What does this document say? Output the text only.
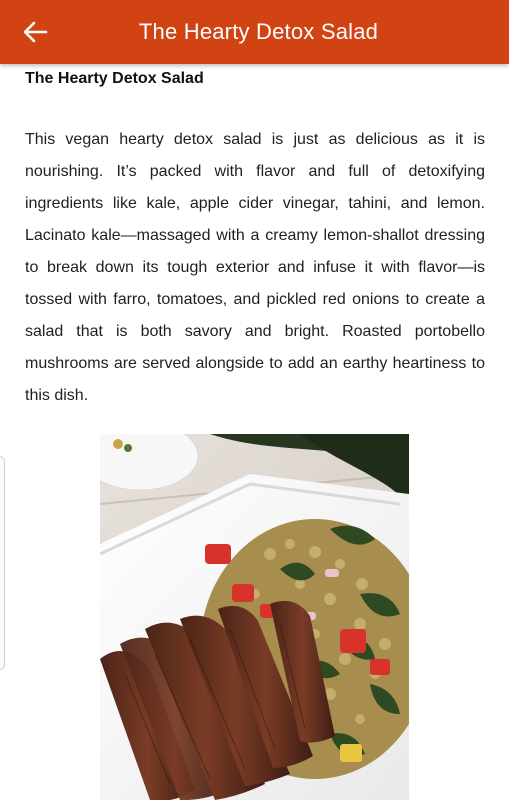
The Hearty Detox Salad
The Hearty Detox Salad

This vegan hearty detox salad is just as delicious as it is nourishing. It’s packed with flavor and full of detoxifying ingredients like kale, apple cider vinegar, tahini, and lemon. Lacinato kale—massaged with a creamy lemon-shallot dressing to break down its tough exterior and infuse it with flavor—is tossed with farro, tomatoes, and pickled red onions to create a salad that is both savory and bright. Roasted portobello mushrooms are served alongside to add an earthy heartiness to this dish.
